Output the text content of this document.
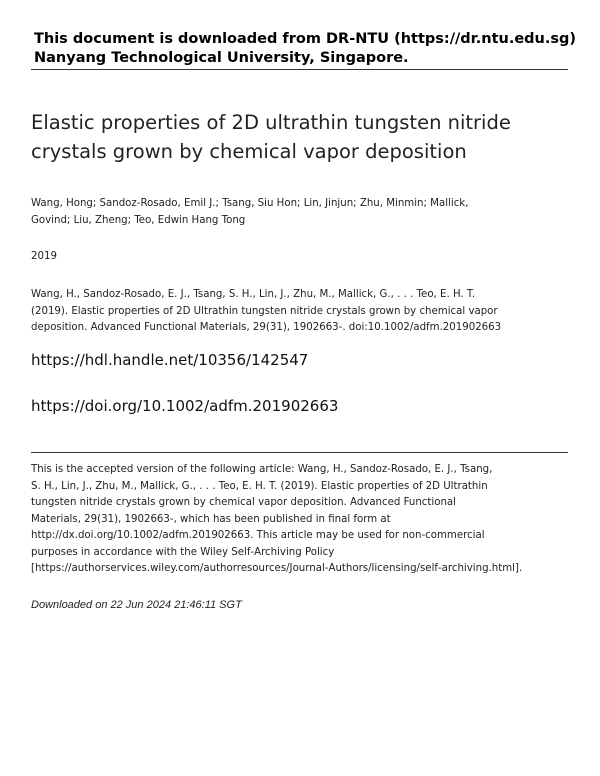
This document is downloaded from DR‑NTU (https://dr.ntu.edu.sg)
Nanyang Technological University, Singapore.
Elastic properties of 2D ultrathin tungsten nitride
crystals grown by chemical vapor deposition
Wang, Hong; Sandoz‑Rosado, Emil J.; Tsang, Siu Hon; Lin, Jinjun; Zhu, Minmin; Mallick,
Govind; Liu, Zheng; Teo, Edwin Hang Tong
2019
Wang, H., Sandoz‑Rosado, E. J., Tsang, S. H., Lin, J., Zhu, M., Mallick, G., . . . Teo, E. H. T.
(2019). Elastic properties of 2D Ultrathin tungsten nitride crystals grown by chemical vapor
deposition. Advanced Functional Materials, 29(31), 1902663‑. doi:10.1002/adfm.201902663
https://hdl.handle.net/10356/142547
https://doi.org/10.1002/adfm.201902663
This is the accepted version of the following article: Wang, H., Sandoz‑Rosado, E. J., Tsang,
S. H., Lin, J., Zhu, M., Mallick, G., . . . Teo, E. H. T. (2019). Elastic properties of 2D Ultrathin
tungsten nitride crystals grown by chemical vapor deposition. Advanced Functional
Materials, 29(31), 1902663‑, which has been published in final form at
http://dx.doi.org/10.1002/adfm.201902663. This article may be used for non‑commercial
purposes in accordance with the Wiley Self‑Archiving Policy
[https://authorservices.wiley.com/authorresources/Journal‑Authors/licensing/self‑archiving.html].
Downloaded on 22 Jun 2024 21:46:11 SGT
